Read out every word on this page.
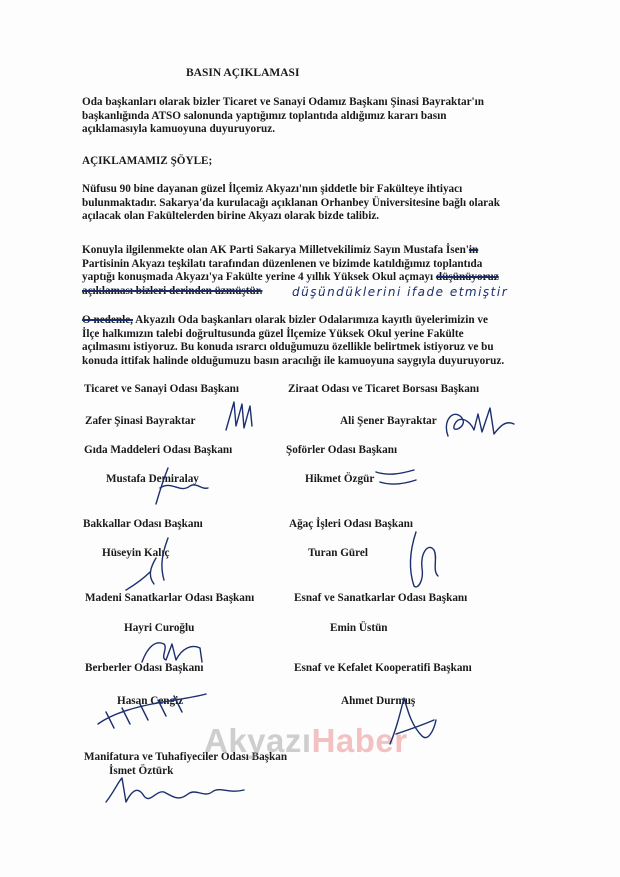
BASIN AÇIKLAMASI
Oda başkanları olarak bizler Ticaret ve Sanayi Odamız Başkanı Şinasi Bayraktar'ın
başkanlığında ATSO salonunda yaptığımız toplantıda aldığımız kararı basın
açıklamasıyla kamuoyuna duyuruyoruz.
AÇIKLAMAMIZ ŞÖYLE;
Nüfusu 90 bine dayanan güzel İlçemiz Akyazı'nın şiddetle bir Fakülteye ihtiyacı
bulunmaktadır. Sakarya'da kurulacağı açıklanan Orhanbey Üniversitesine bağlı olarak
açılacak olan Fakültelerden birine Akyazı olarak bizde talibiz.
Konuyla ilgilenmekte olan AK Parti Sakarya Milletvekilimiz Sayın Mustafa İsen'in
Partisinin Akyazı teşkilatı tarafından düzenlenen ve bizimde katıldığımız toplantıda
yaptığı konuşmada Akyazı'ya Fakülte yerine 4 yıllık Yüksek Okul açmayı düşünüyoruz
açıklaması bizleri derinden üzmüştür.	düşündüklerini ifade etmiştir
O nedenle, Akyazılı Oda başkanları olarak bizler Odalarımıza kayıtlı üyelerimizin ve
İlçe halkımızın talebi doğrultusunda güzel İlçemize Yüksek Okul yerine Fakülte
açılmasını istiyoruz. Bu konuda ısrarcı olduğumuzu özellikle belirtmek istiyoruz ve bu
konuda ittifak halinde olduğumuzu basın aracılığı ile kamuoyuna saygıyla duyuruyoruz.
Ticaret ve Sanayi Odası Başkanı	Ziraat Odası ve Ticaret Borsası Başkanı
Zafer Şinasi Bayraktar	Ali Şener Bayraktar
Gıda Maddeleri Odası Başkanı	Şoförler Odası Başkanı
Mustafa Demiralay	Hikmet Özgür
Bakkallar Odası Başkanı	Ağaç İşleri Odası Başkanı
Hüseyin Kalıç	Turan Gürel
Madeni Sanatkarlar Odası Başkanı	Esnaf ve Sanatkarlar Odası Başkanı
Hayri Curoğlu	Emin Üstün
Berberler Odası Başkanı	Esnaf ve Kefalet Kooperatifi Başkanı
Hasan Cengiz	Ahmet Durmuş
Manifatura ve Tuhafiyeciler Odası Başkan
İsmet Öztürk
AkyazıHaber
